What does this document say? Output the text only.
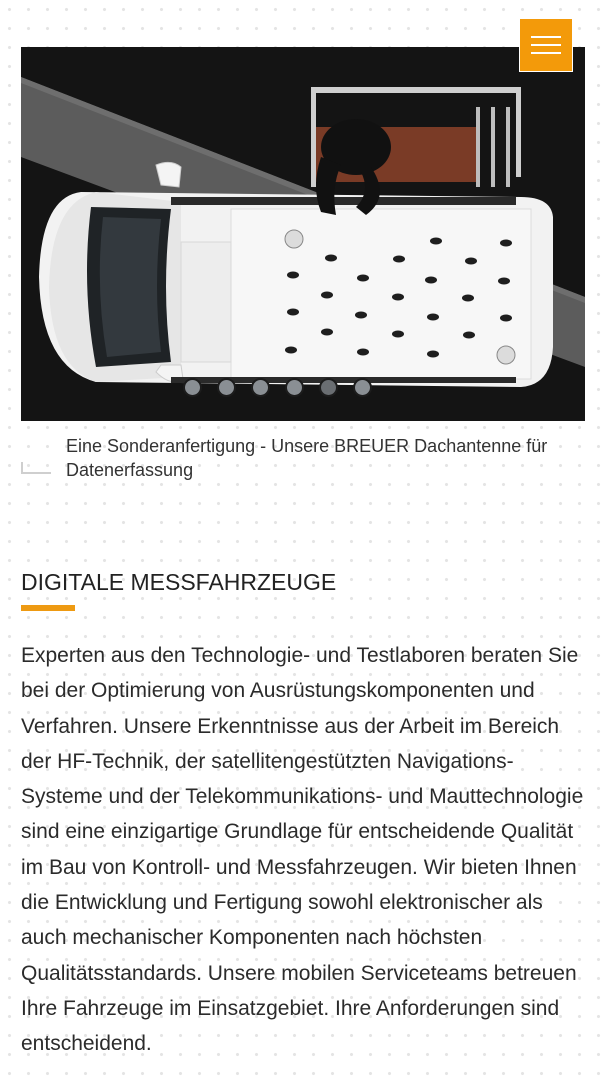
Eine Sonderanfertigung - Unsere BREUER Dachantenne für Datenerfassung
DIGITALE MESSFAHRZEUGE

Experten aus den Technologie- und Testlaboren beraten Sie bei der Optimierung von Ausrüstungskomponenten und Verfahren. Unsere Erkenntnisse aus der Arbeit im Bereich der HF-Technik, der satellitengestützten Navigations-Systeme und der Telekommunikations- und Mauttechnologie sind eine einzigartige Grundlage für entscheidende Qualität im Bau von Kontroll- und Messfahrzeugen. Wir bieten Ihnen die Entwicklung und Fertigung sowohl elektronischer als auch mechanischer Komponenten nach höchsten Qualitätsstandards. Unsere mobilen Serviceteams betreuen Ihre Fahrzeuge im Einsatzgebiet. Ihre Anforderungen sind entscheidend.
